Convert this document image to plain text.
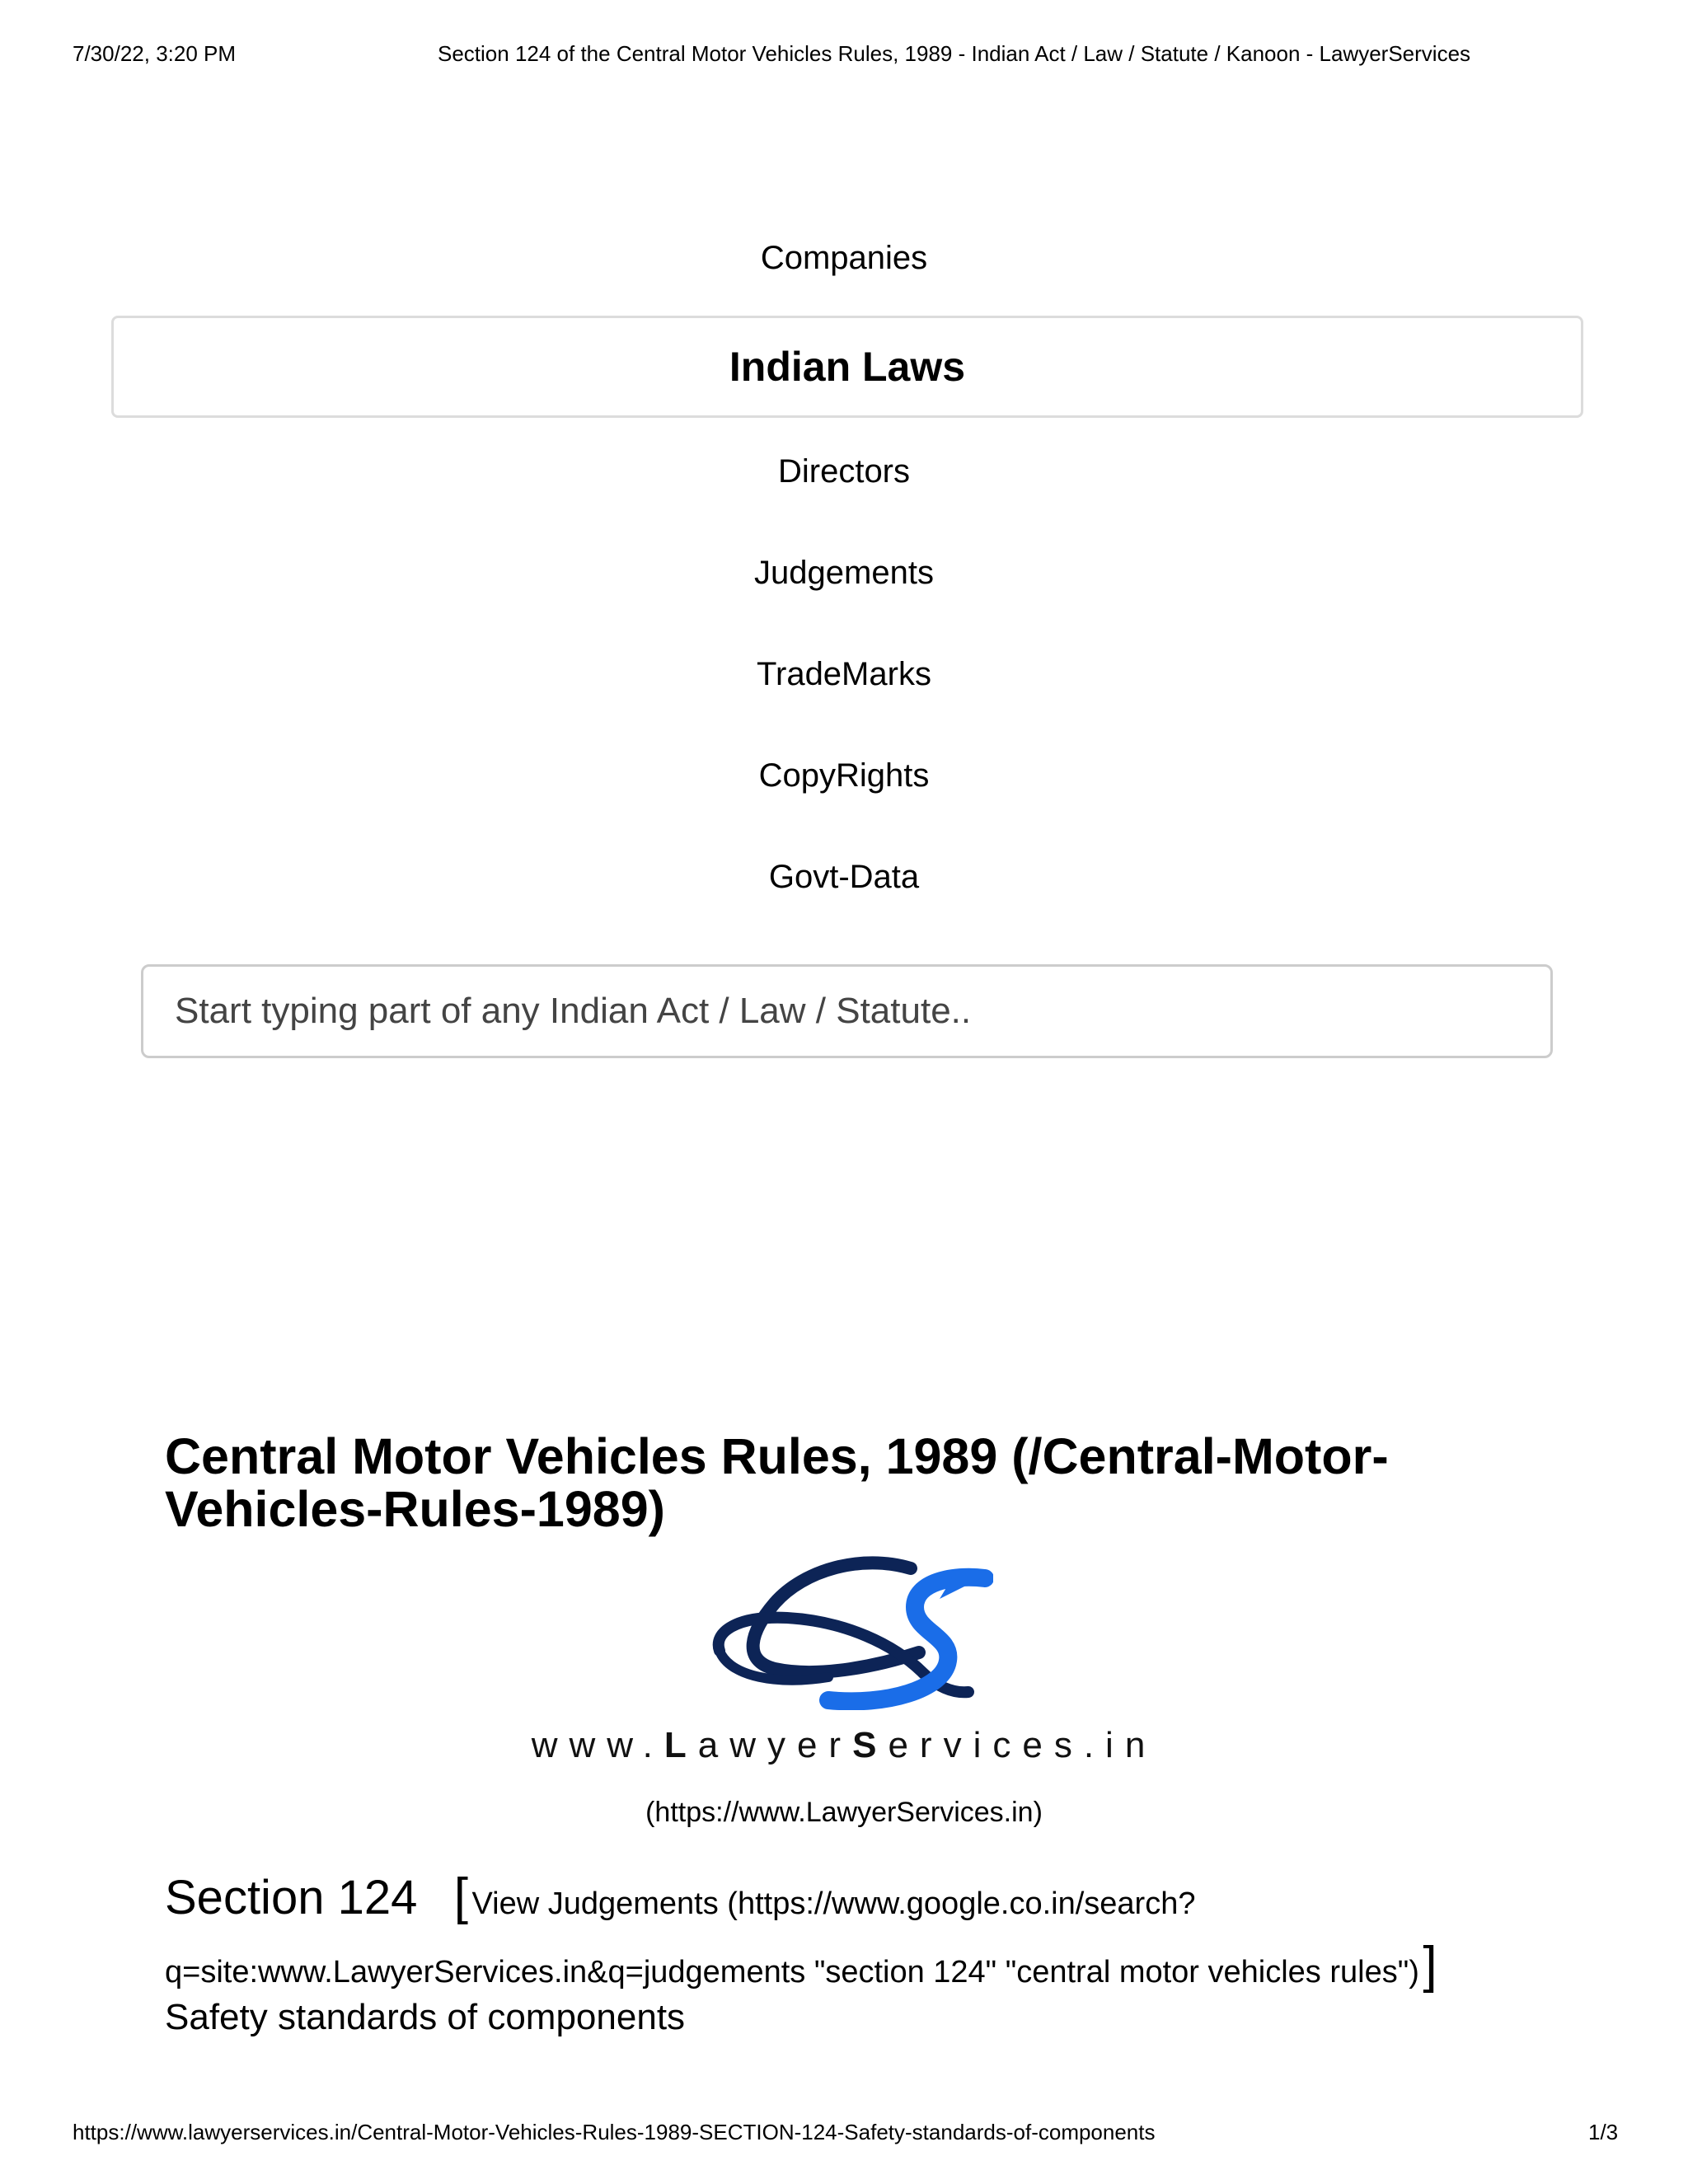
7/30/22, 3:20 PM	Section 124 of the Central Motor Vehicles Rules, 1989 - Indian Act / Law / Statute / Kanoon - LawyerServices
Companies
Indian Laws
Directors
Judgements
TradeMarks
CopyRights
Govt-Data
Start typing part of any Indian Act / Law / Statute..
Central Motor Vehicles Rules, 1989 (/Central-Motor-Vehicles-Rules-1989)
www.LawyerServices.in
(https://www.LawyerServices.in)
Section 124 [ View Judgements (https://www.google.co.in/search?
q=site:www.LawyerServices.in&q=judgements "section 124" "central motor vehicles rules") ]
Safety standards of components
https://www.lawyerservices.in/Central-Motor-Vehicles-Rules-1989-SECTION-124-Safety-standards-of-components	1/3
